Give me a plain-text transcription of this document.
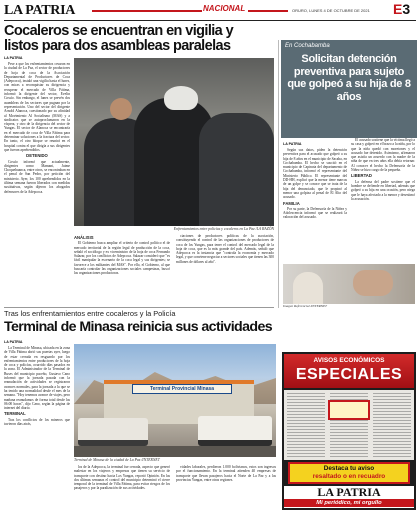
LA PATRIA	NACIONAL	ORURO, LUNES 4 DE OCTUBRE DE 2021 E3
Cocaleros se encuentran en vigilia y
listos para dos asambleas paralelas
LA PATRIA

Pese a que los enfrentamientos cesaron en la ciudad de La Paz, el sector de productores de hoja de coca de la Asociación Departamental de Productores de Coca (Adepcoca), instaló una vigilia hasta el lunes, con miras a reconquistar su dirigencia y recuperar el mercado de Villa Fátima, informó la dirigente del sector, Evelin Cossío. Sin embargo, el lunes se prevén dos asambleas de los sectores que pugnan por la representación. Uno del sector del dirigente Arnold Alanoca, cuestionado por su afinidad al Movimiento Al Socialismo (MAS) y a sindicatos que se autoproclamaron en la víspera, y otro de la dirigencia del sector de Yungas. El sector de Alanoca se encontraría en el mercado de coca de Villa Fátima para determinar soluciones a la fractura del sector. En tanto, el otro bloque se reunirá en el hospital contra el que dirigía a sus dirigentes que fueron aprehendidos.

DETENIDO

Cossío informó que actualmente, dirigentes como Mamani, Jaime Choquehuanca, entre otros, se encontraban en el penal de San Pedro, por petición del ministerio. Ayer, los 100 aprehendidos en la última semana fueron liberados con medidas sustitutivas, según dijeron los abogados defensores de la Adepcoca.

Enfrentamientos entre policías y cocaleros en La Paz /LA RAZÓN
ANÁLISIS

El Gobierno busca ampliar el criterio de control político el de mercado territorial de la región legal de producción de la coca, señaló el sociólogo y ex viceministro de la hoja de coca Fernando Salazar, por los conflictos de Adepcoca. Salazar consideró que "es fácil manipular la escenario de la coca legal y sus dirigentes; se favorece a los militantes del MAS". Por ello, el Gobierno, al que buscaría controlar las organizaciones sociales campesinas, buscó las organizaciones productoras.

ciaciones de productores políticas de la asociación, constituyendo el control de las organizaciones de productores de coca de los Yungas, para tener el control del mercado legal de la hoja de coca, que es la más grande del país. Además, señaló que Adepcoca es la instancia que "controla la economía y mercado legal, y que conviene negociar a sectores sociales que tienen las 300 millones de dólares al año".

En Cochabamba
Solicitan detención preventiva para sujeto que golpeó a su hija de 8 años
LA PATRIA

Según sus datos, piden la detención preventiva para el acusado que golpeó a su hija de 8 años en el municipio de Sacaba, en Cochabamba. El hecho se suscitó en el municipio de Capinota del departamento de Cochabamba, informó el representante del Ministerio Público. El representante del DD-HH, explicó que la menor tiene marcas de un golpe y se conoce que se trata de la hija del denunciado, que le propinó al menor una golpiza al penal de El Alto del acusado.

FAMILIA

Por su parte, la Defensoría de la Niñez y Adolescencia informó que se realizará la valoración del acusado.

El acusado sostiene que la víctima llegó a su casa y golpeó en el brazo a la niña, por lo que la niña quedó con moretones y el acusado fue detenido. Asimismo, afirmaron que asistía un acuerdo con la madre de la niña de que en tres años ella debía retornar. Al conocer el hecho la Defensoría de la Niñez se hizo cargo de la pequeña.

LIBERTAD

La defensa del padre sostiene que el hombre se defiende en libertad, además que golpeó a su hija en una ocasión, pero niega que le haya afectado a la menor y desestimó la acusación.

Imagen Referencial /INTERNET
Tras los enfrentamientos entre cocaleros y la Policía
Terminal de Minasa reinicia sus actividades
LA PATRIA

La Terminal de Minasa, ubicada en la zona de Villa Fátima abrió sus puertas ayer, luego de estar cerrada en resguardo por los enfrentamientos entre productores de la hoja de coca y policías, ocurrido días pasados en la zona. El Administrador de la Terminal de Buses del municipio paceño, Gustavo Cano informó que la jornada pasada con la reanudación de actividades se registraron avances normales, para la jornada a la que se ha tenido una normalidad desde el mes de la semana. "Hoy tenemos avance de viajes, pero mañana reanudamos de forma total desde las 06:00 horas", dijo Cano, según la página de internet del diario.

TERMINAL

Tras los conflictos de los mineros que tuvieron días atrás,

Terminal Provincial Minasa
Terminal de Minasa de la ciudad de La Paz /INTERNET

los de la Adepcoca, la terminal fue cerrada, aspecto que generó malestar en los viajeros y empresas que tienen su servicio de transporte con destino hacia Los Yungas, reportó Opinión. En las dos últimas semanas el control del municipio determinó el cierre temporal de la terminal de Villa Fátima, para evitar riesgos de los pasajeros y por la paralización de sus actividades.

vidades laborales, perdieron 1.000 bolivianos, estos son ingresos por el funcionamiento. En la terminal atienden 40 empresas de transporte que llevan pasajeros hacia el Norte de La Paz y a las provincias Yungas, entre otras regiones.

AVISOS ECONÓMICOS
ESPECIALES
Destaca tu aviso
resaltado o en recuadro
LA PATRIA
Mi periódico, mi orgullo
